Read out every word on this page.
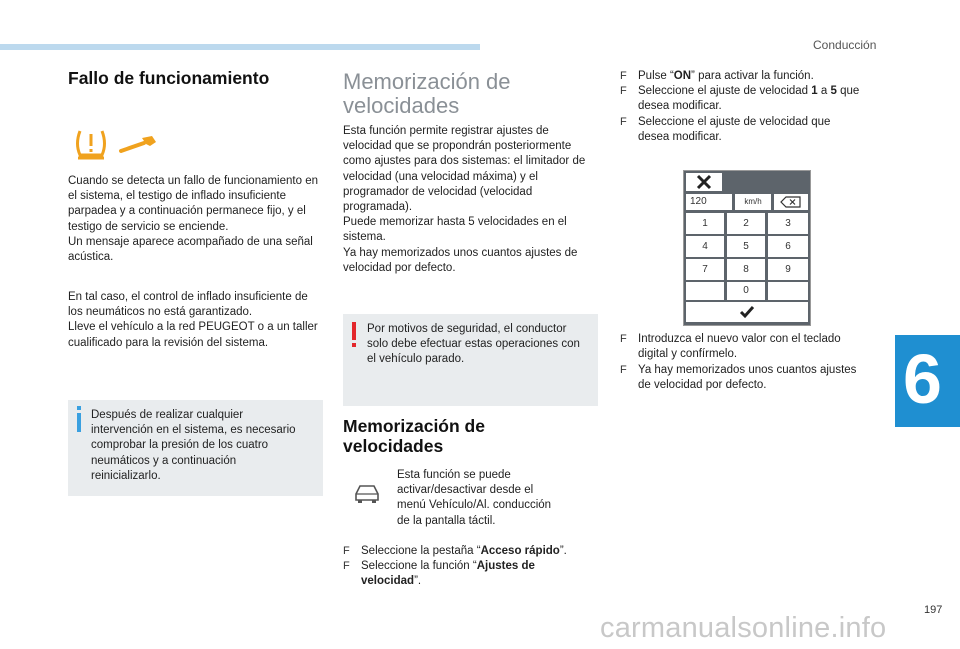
Conducción
Fallo de funcionamiento

Cuando se detecta un fallo de funcionamiento en el sistema, el testigo de inflado insuficiente parpadea y a continuación permanece fijo, y el testigo de servicio se enciende.
Un mensaje aparece acompañado de una señal acústica.

En tal caso, el control de inflado insuficiente de los neumáticos no está garantizado.
Lleve el vehículo a la red PEUGEOT o a un taller cualificado para la revisión del sistema.

Después de realizar cualquier intervención en el sistema, es necesario comprobar la presión de los cuatro neumáticos y a continuación reinicializarlo.
Memorización de velocidades

Esta función permite registrar ajustes de velocidad que se propondrán posteriormente como ajustes para dos sistemas: el limitador de velocidad (una velocidad máxima) y el programador de velocidad (velocidad programada).
Puede memorizar hasta 5 velocidades en el sistema.
Ya hay memorizados unos cuantos ajustes de velocidad por defecto.

Por motivos de seguridad, el conductor solo debe efectuar estas operaciones con el vehículo parado.
Memorización de velocidades

Esta función se puede activar/desactivar desde el menú Vehículo/Al. conducción de la pantalla táctil.

F Seleccione la pestaña “Acceso rápido”.
F Seleccione la función “Ajustes de velocidad”.
F Pulse “ON” para activar la función.
F Seleccione el ajuste de velocidad 1 a 5 que desea modificar.
F Seleccione el ajuste de velocidad que desea modificar.
120	km/h
1	2	3
4	5	6
7	8	9
0
F Introduzca el nuevo valor con el teclado digital y confírmelo.
F Ya hay memorizados unos cuantos ajustes de velocidad por defecto.	6
197
carmanualsonline.info
